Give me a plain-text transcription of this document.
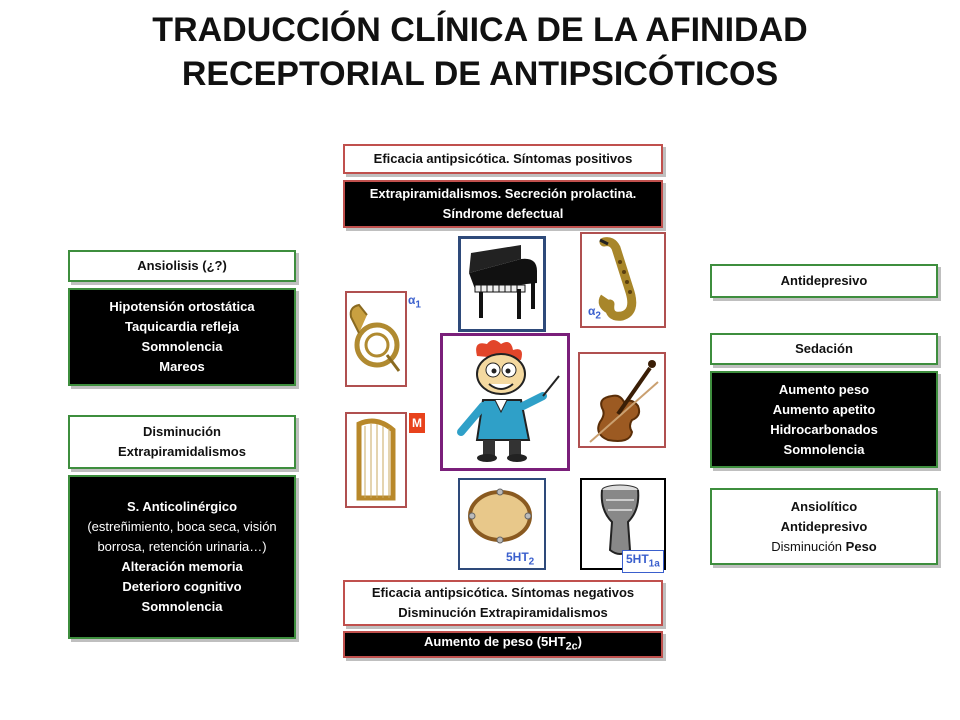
TRADUCCIÓN CLÍNICA DE LA AFINIDAD
RECEPTORIAL DE ANTIPSICÓTICOS
Eficacia antipsicótica. Síntomas positivos
Extrapiramidalismos. Secreción prolactina.
Síndrome defectual
Ansiolisis (¿?)
Hipotensión ortostática
Taquicardia refleja
Somnolencia
Mareos
Disminución
Extrapiramidalismos
S. Anticolinérgico
(estreñimiento, boca seca, visión
borrosa, retención urinaria…)
Alteración memoria
Deterioro cognitivo
Somnolencia
Antidepresivo
Sedación
Aumento peso
Aumento apetito
Hidrocarbonados
Somnolencia
Ansiolítico
Antidepresivo
Disminución Peso
Eficacia antipsicótica. Síntomas negativos
Disminución Extrapiramidalismos
Aumento de peso $(5HT_{2c})$
$\alpha_2$
$\alpha_1$
M
$5HT_2$	$5HT_{1a}$
